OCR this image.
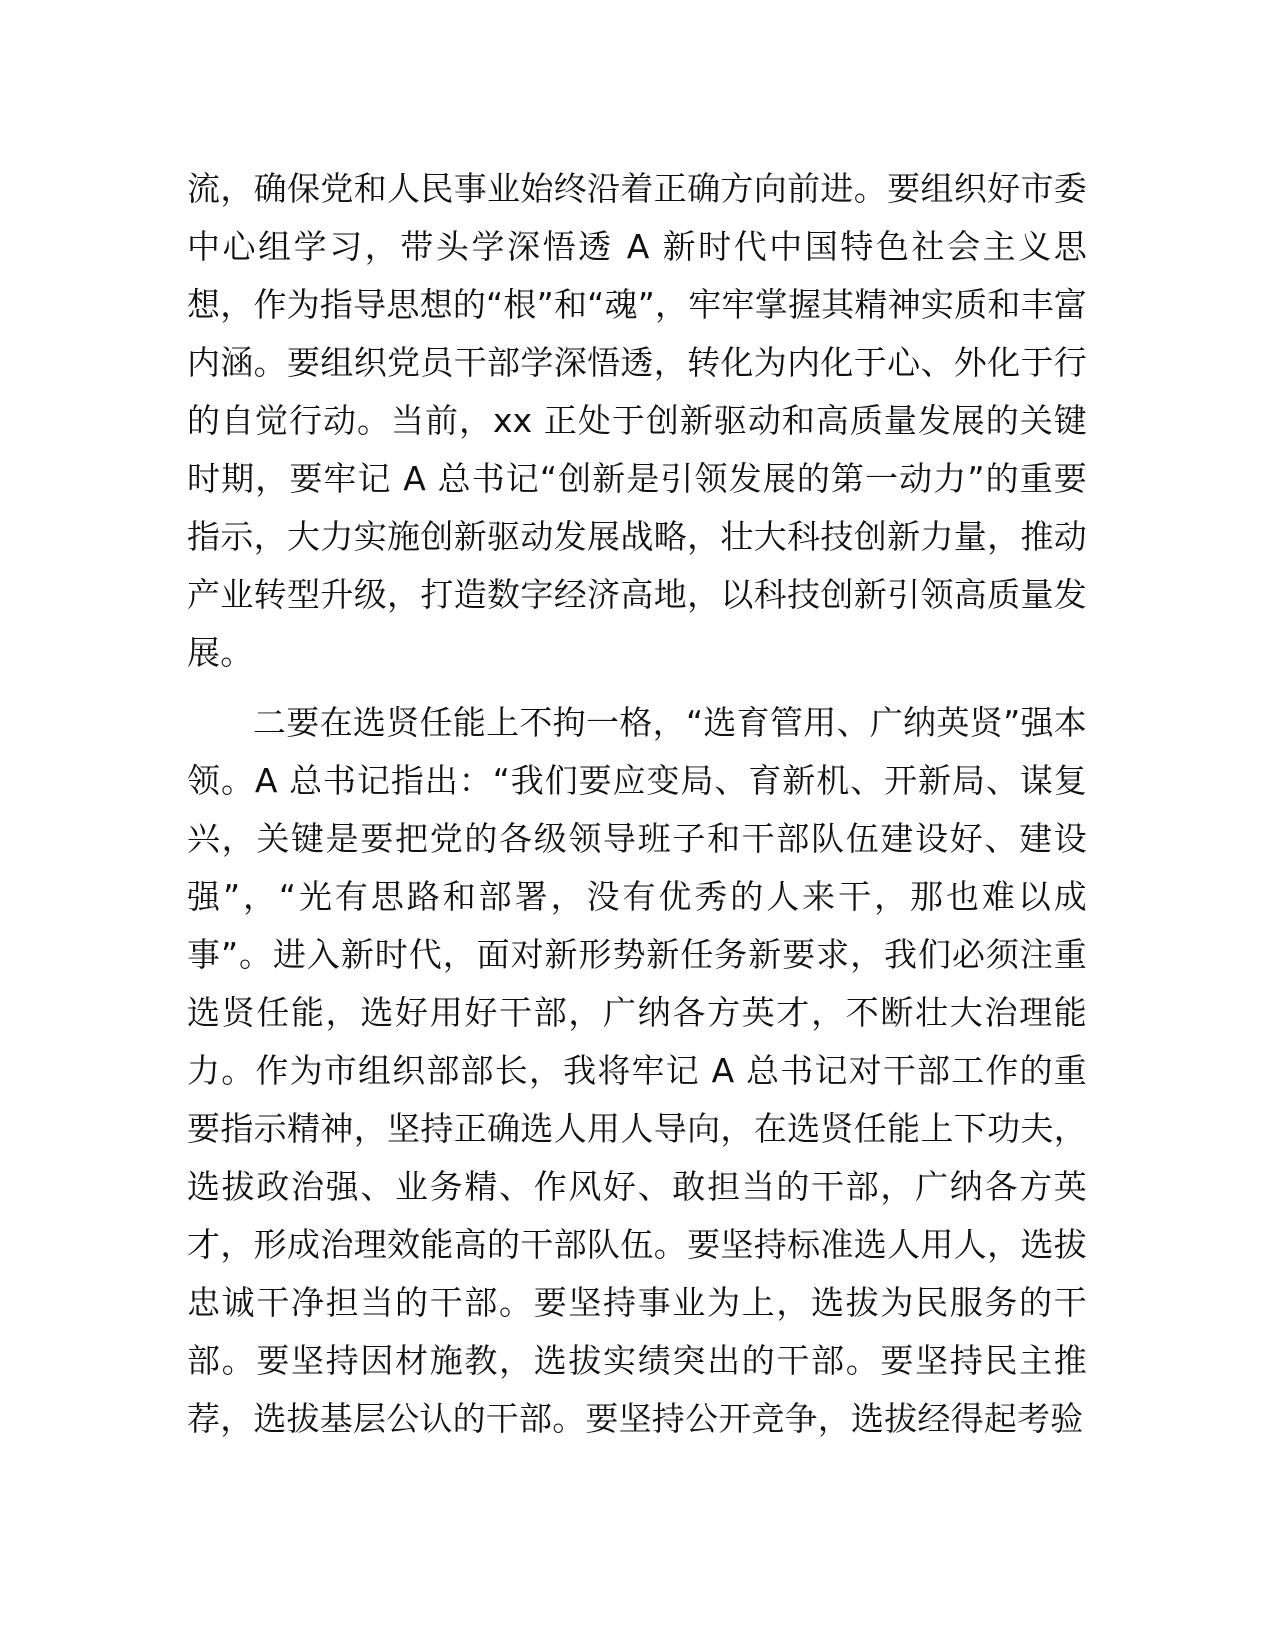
流，确保党和人民事业始终沿着正确方向前进。要组织好市委中心组学习，带头学深悟透 A 新时代中国特色社会主义思想，作为指导思想的“根”和“魂”，牢牢掌握其精神实质和丰富内涵。要组织党员干部学深悟透，转化为内化于心、外化于行的自觉行动。当前，xx 正处于创新驱动和高质量发展的关键时期，要牢记 A 总书记“创新是引领发展的第一动力”的重要指示，大力实施创新驱动发展战略，壮大科技创新力量，推动产业转型升级，打造数字经济高地，以科技创新引领高质量发展。

二要在选贤任能上不拘一格，“选育管用、广纳英贤”强本领。A 总书记指出：“我们要应变局、育新机、开新局、谋复兴，关键是要把党的各级领导班子和干部队伍建设好、建设强”，“光有思路和部署，没有优秀的人来干，那也难以成事”。进入新时代，面对新形势新任务新要求，我们必须注重选贤任能，选好用好干部，广纳各方英才，不断壮大治理能力。作为市组织部部长，我将牢记 A 总书记对干部工作的重要指示精神，坚持正确选人用人导向，在选贤任能上下功夫，选拔政治强、业务精、作风好、敢担当的干部，广纳各方英才，形成治理效能高的干部队伍。要坚持标准选人用人，选拔忠诚干净担当的干部。要坚持事业为上，选拔为民服务的干部。要坚持因材施教，选拔实绩突出的干部。要坚持民主推荐，选拔基层公认的干部。要坚持公开竞争，选拔经得起考验
